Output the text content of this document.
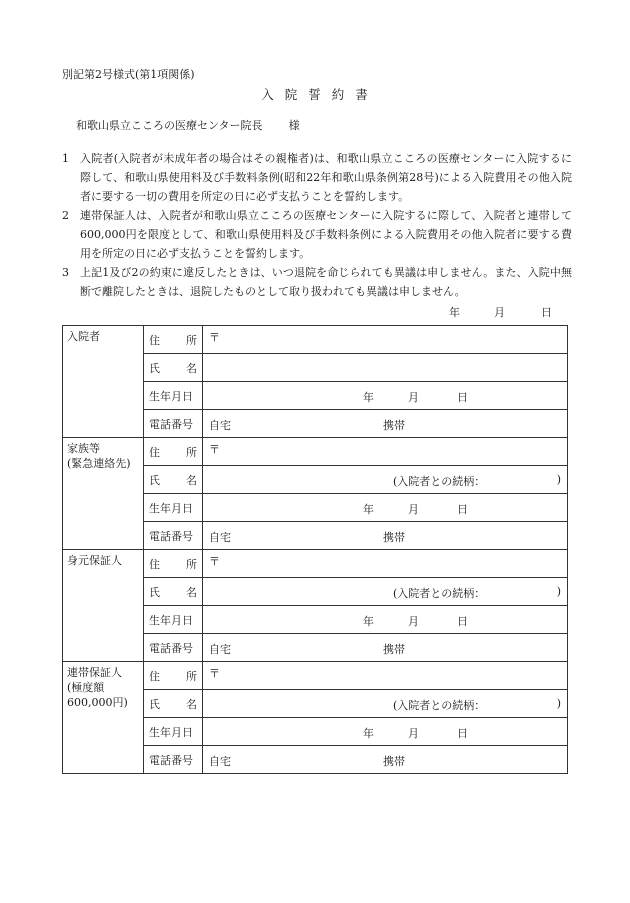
別記第2号様式(第1項関係)
入院誓約書
和歌山県立こころの医療センター院長 様
1 入院者(入院者が未成年者の場合はその親権者)は、和歌山県立こころの医療センターに入院するに際して、和歌山県使用料及び手数料条例(昭和22年和歌山県条例第28号)による入院費用その他入院者に要する一切の費用を所定の日に必ず支払うことを誓約します。
2 連帯保証人は、入院者が和歌山県立こころの医療センターに入院するに際して、入院者と連帯して600,000円を限度として、和歌山県使用料及び手数料条例による入院費用その他入院者に要する費用を所定の日に必ず支払うことを誓約します。
3 上記1及び2の約束に違反したときは、いつ退院を命じられても異議は申しません。また、入院中無断で離院したときは、退院したものとして取り扱われても異議は申しません。
年	月	日
入院者	住所	〒

	氏名	
	生年月日	年 月 日

	電話番号	自宅 携帯

家族等
(緊急連絡先)	住所	〒

	氏名	(入院者との続柄： )

	生年月日	年 月 日

	電話番号	自宅 携帯

身元保証人	住所	〒

	氏名	(入院者との続柄： )

	生年月日	年 月 日

	電話番号	自宅 携帯

連帯保証人
(極度額
600,000円)	住所	〒

	氏名	(入院者との続柄： )

	生年月日	年 月 日

	電話番号	自宅 携帯
